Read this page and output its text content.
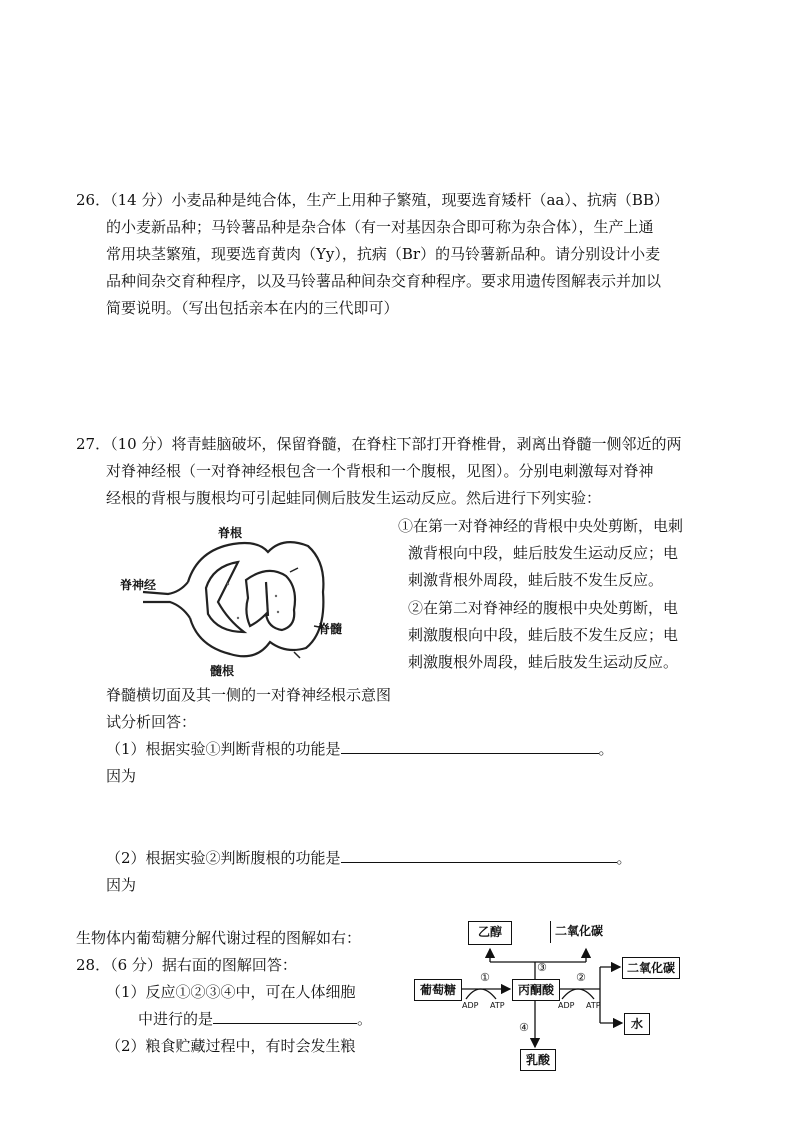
26．（14 分）小麦品种是纯合体，生产上用种子繁殖，现要选育矮杆（aa）、抗病（BB）
的小麦新品种；马铃薯品种是杂合体（有一对基因杂合即可称为杂合体），生产上通
常用块茎繁殖，现要选育黄肉（Yy），抗病（Br）的马铃薯新品种。请分别设计小麦
品种间杂交育种程序，以及马铃薯品种间杂交育种程序。要求用遗传图解表示并加以
简要说明。（写出包括亲本在内的三代即可）
27．（10 分）将青蛙脑破坏，保留脊髓，在脊柱下部打开脊椎骨，剥离出脊髓一侧邻近的两
对脊神经根（一对脊神经根包含一个背根和一个腹根，见图）。分别电刺激每对脊神
经根的背根与腹根均可引起蛙同侧后肢发生运动反应。然后进行下列实验：
①在第一对脊神经的背根中央处剪断，电刺
激背根向中段，蛙后肢发生运动反应；电
刺激背根外周段，蛙后肢不发生反应。
②在第二对脊神经的腹根中央处剪断，电
刺激腹根向中段，蛙后肢不发生反应；电
刺激腹根外周段，蛙后肢发生运动反应。
脊根
脊神经
脊髓
髓根
脊髓横切面及其一侧的一对脊神经根示意图
试分析回答：
（1）根据实验①判断背根的功能是	。
因为
（2）根据实验②判断腹根的功能是	。
因为
生物体内葡萄糖分解代谢过程的图解如右：
28．（6 分）据右面的图解回答：
（1）反应①②③④中，可在人体细胞
中进行的是	。
（2）粮食贮藏过程中，有时会发生粮
乙醇	二氧化碳
葡萄糖	丙酮酸
二氧化碳
水
乳酸
①	②
③
④
ADP ATP	ADP ATP
